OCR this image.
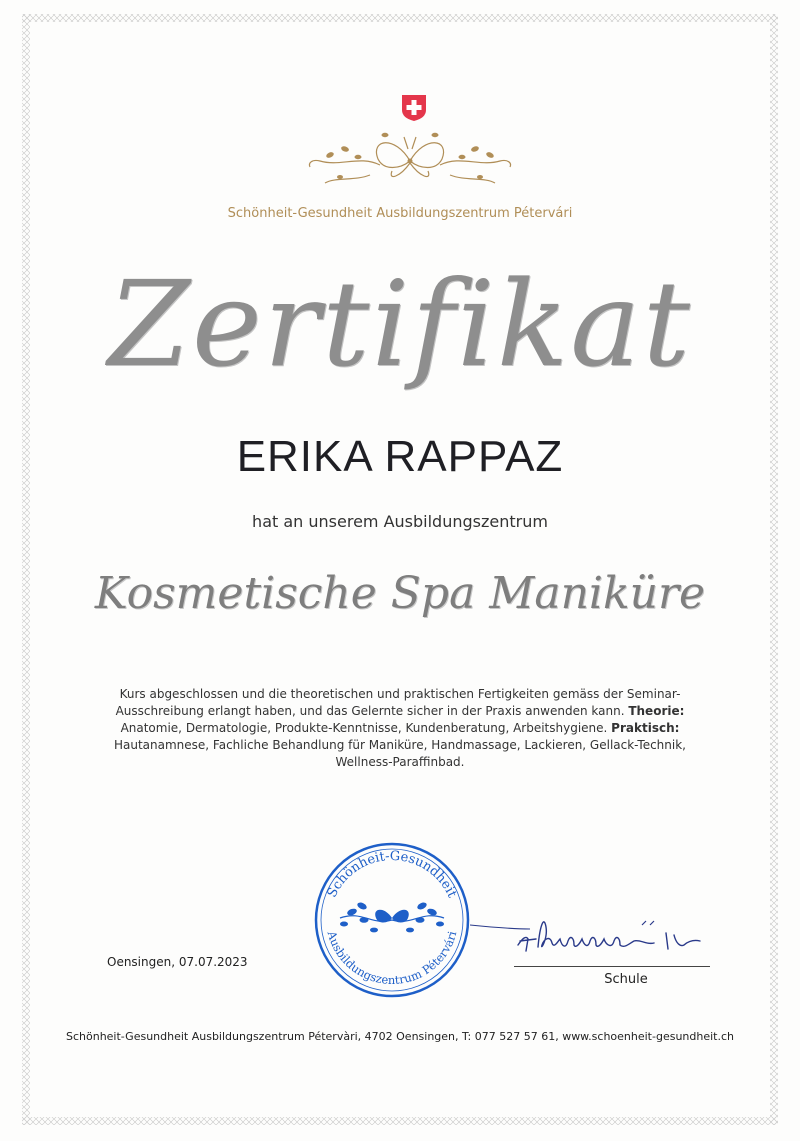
Schönheit-Gesundheit Ausbildungszentrum Pétervári
Zertifikat
ERIKA RAPPAZ
hat an unserem Ausbildungszentrum
Kosmetische Spa Maniküre
Kurs abgeschlossen und die theoretischen und praktischen Fertigkeiten gemäss der Seminar-Ausschreibung erlangt haben, und das Gelernte sicher in der Praxis anwenden kann. Theorie: Anatomie, Dermatologie, Produkte-Kenntnisse, Kundenberatung, Arbeitshygiene. Praktisch: Hautanamnese, Fachliche Behandlung für Maniküre, Handmassage, Lackieren, Gellack-Technik, Wellness-Paraffinbad.
Schönheit-Gesundheit
Ausbildungszentrum Pétervári
Oensingen, 07.07.2023
Schule
Schönheit-Gesundheit Ausbildungszentrum Pétervàri, 4702 Oensingen, T: 077 527 57 61, www.schoenheit-gesundheit.ch
